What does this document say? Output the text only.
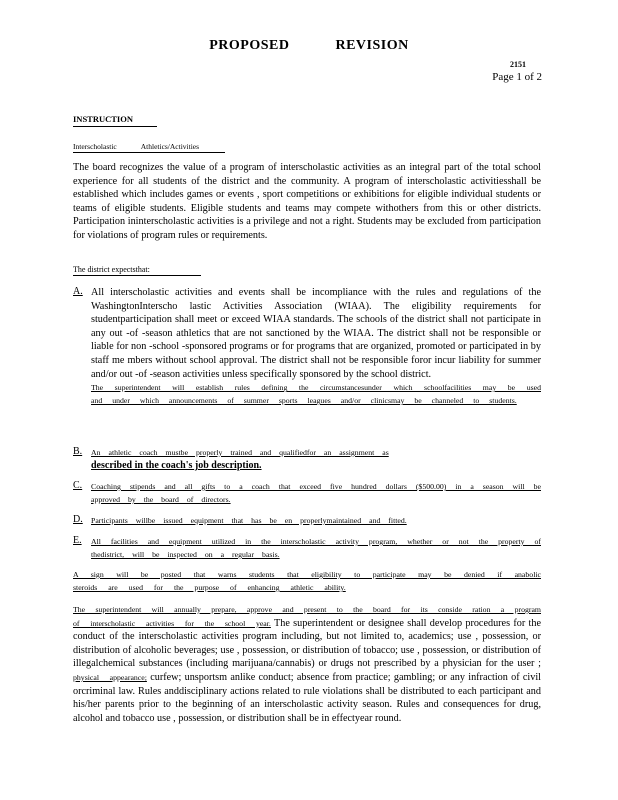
PROPOSED	REVISION
2151
Page 1 of 2
INSTRUCTION
Interscholastic	Athletics/Activities
The board recognizes the value of a program of interscholastic activities as an integral part of the total school experience for all students of the district and the community. A program of interscholastic activitiesshall be established which includes games or events , sport competitions or exhibitions for eligible individual students or teams of eligible students. Eligible students and teams may compete withothers from this or other districts. Participation ininterscholastic activities is a privilege and not a right. Students may be excluded from participation for violations of program rules or requirements.
The district expectsthat:
A. All interscholastic activities and events shall be incompliance with the rules and regulations of the WashingtonInterscho lastic Activities Association (WIAA). The eligibility requirements for studentparticipation shall meet or exceed WIAA standards. The schools of the district shall not participate in any out -of -season athletics that are not sanctioned by the WIAA. The district shall not be responsible or liable for non -school -sponsored programs or for programs that are organized, promoted or participated in by staff me mbers without school approval. The district shall not be responsible foror incur liability for summer and/or out -of -season activities unless specifically sponsored by the school district.
The superintendent will establish rules defining the circumstancesunder which schoolfacilities may be used and under which announcements of summer sports leagues and/or clinicsmay be channeled to students.
B. An athletic coach mustbe properly trained and qualifiedfor an assignment as
described in the coach's job description.
C. Coaching stipends and all gifts to a coach that exceed five hundred dollars ($500.00) in a season will be approved by the board of directors.
D. Participants willbe issued equipment that has be en properlymaintained and fitted.
E. All facilities and equipment utilized in the interscholastic activity program, whether or not the property of thedistrict, will be inspected on a regular basis.
A sign will be posted that warns students that eligibility to participate may be denied if anabolic steroids are used for the purpose of enhancing athletic ability.
The superintendent will annually prepare, approve and present to the board for its conside ration a program of interscholastic activities for the school year. The superintendent or designee shall develop procedures for the conduct of the interscholastic activities program including, but not limited to, academics; use , possession, or distribution of alcoholic beverages; use , possession, or distribution of tobacco; use , possession, or distribution of illegalchemical substances (including marijuana/cannabis) or drugs not prescribed by a physician for the user ; physical appearance; curfew; unsportsm anlike conduct; absence from practice; gambling; or any infraction of civil orcriminal law. Rules anddisciplinary actions related to rule violations shall be distributed to each participant and his/her parents prior to the beginning of an interscholastic activity season. Rules and consequences for drug, alcohol and tobacco use , possession, or distribution shall be in effectyear round.
